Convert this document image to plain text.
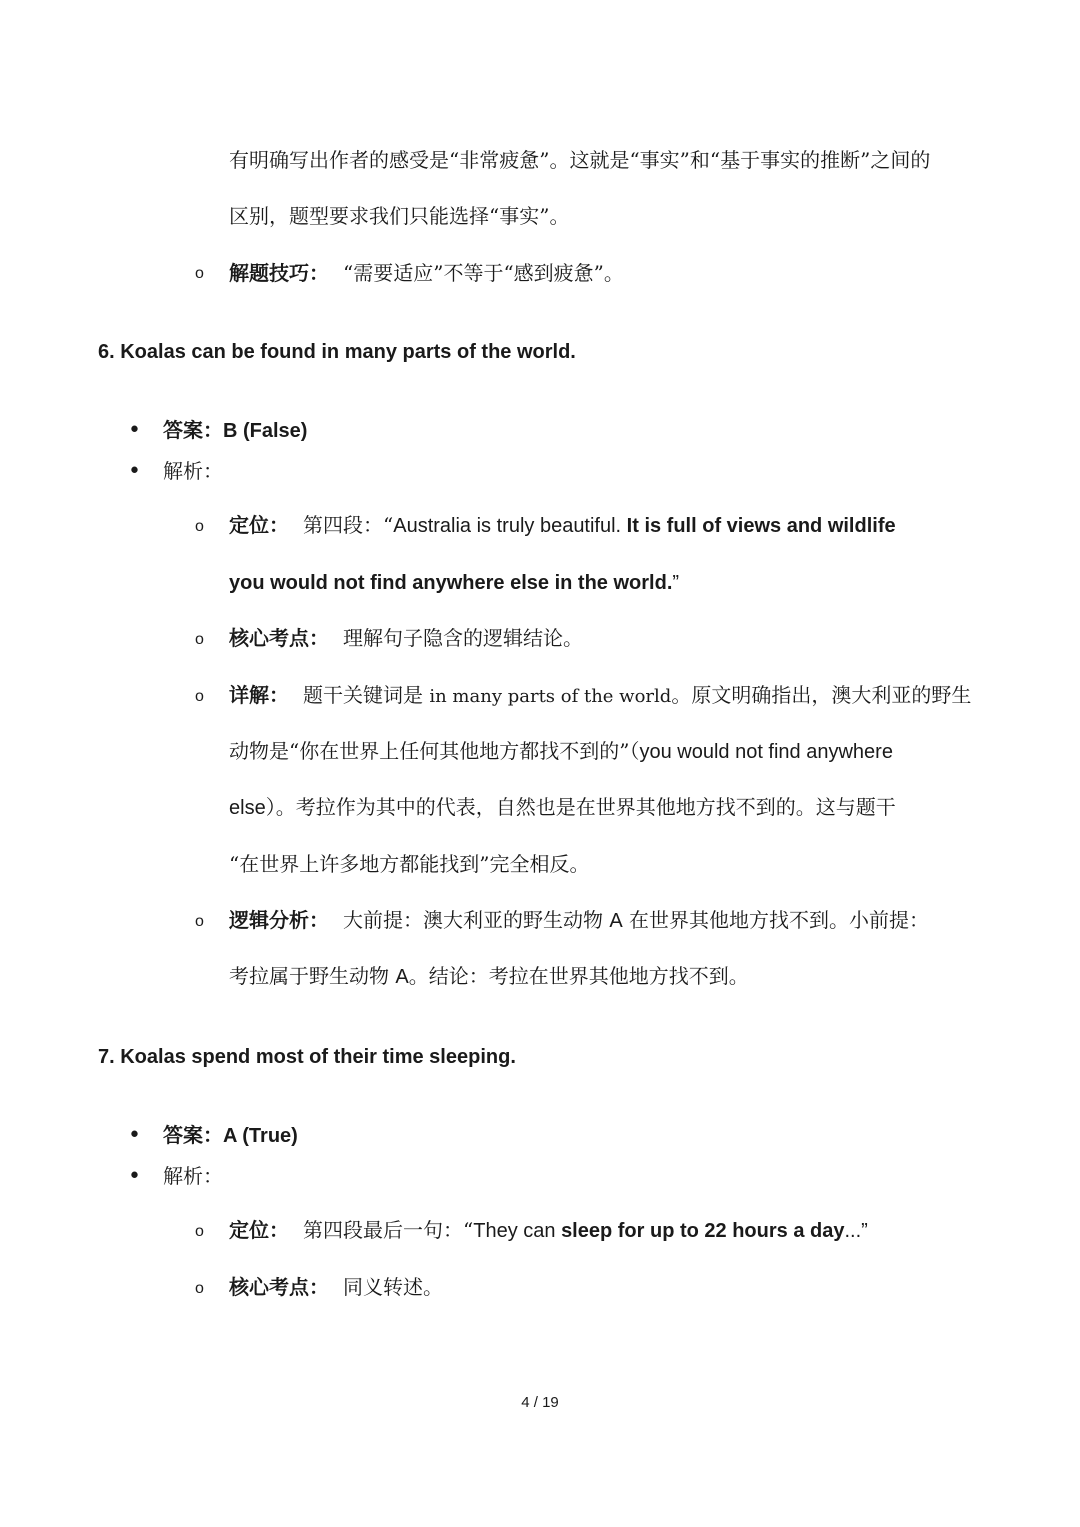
有明确写出作者的感受是“非常疲惫”。这就是“事实”和“基于事实的推断”之间的
区别，题型要求我们只能选择“事实”。
o 解题技巧： “需要适应”不等于“感到疲惫”。
6. Koalas can be found in many parts of the world.
• 答案：B (False)
• 解析：
o 定位： 第四段：“Australia is truly beautiful. It is full of views and wildlife
you would not find anywhere else in the world.”
o 核心考点： 理解句子隐含的逻辑结论。
o 详解： 题干关键词是 in many parts of the world。原文明确指出，澳大利亚的野生
动物是“你在世界上任何其他地方都找不到的”（you would not find anywhere
else）。考拉作为其中的代表，自然也是在世界其他地方找不到的。这与题干
“在世界上许多地方都能找到”完全相反。
o 逻辑分析： 大前提：澳大利亚的野生动物 A 在世界其他地方找不到。小前提：
考拉属于野生动物 A。结论：考拉在世界其他地方找不到。
7. Koalas spend most of their time sleeping.
• 答案：A (True)
• 解析：
o 定位： 第四段最后一句：“They can sleep for up to 22 hours a day...”
o 核心考点： 同义转述。
4 / 19
